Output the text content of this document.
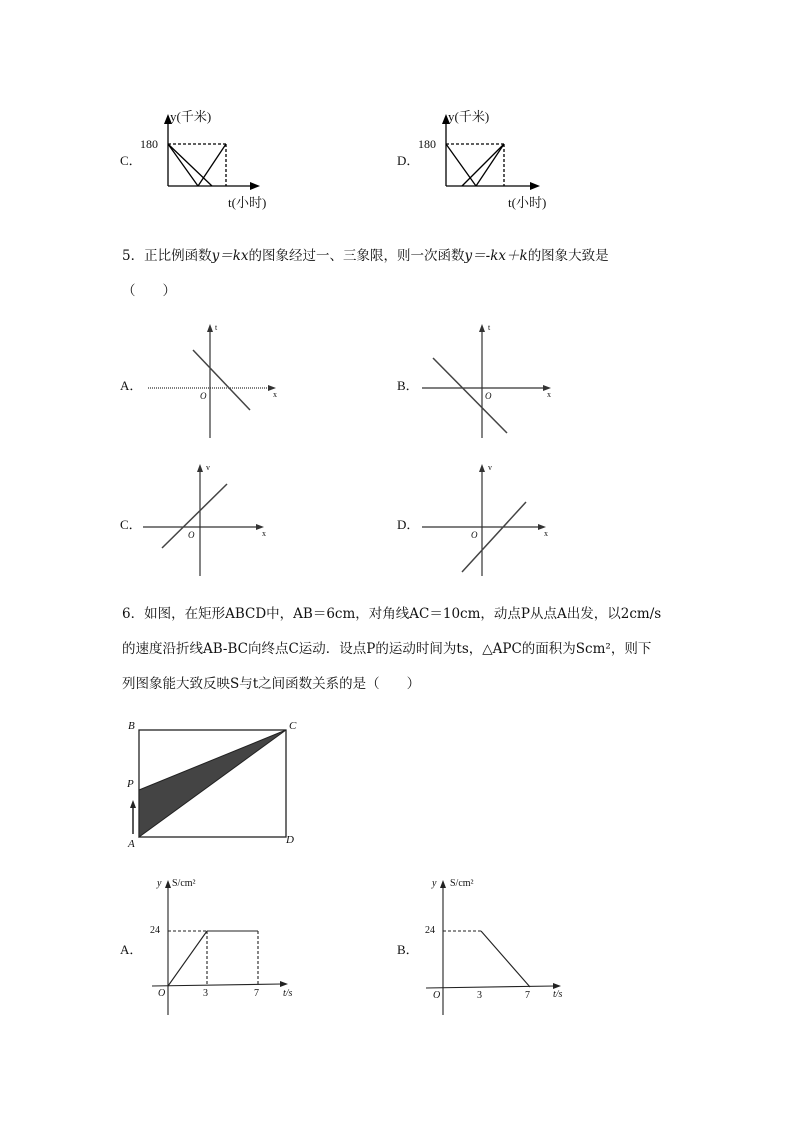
C．
y(千米)
180
t(小时)
D．
y(千米)
180
t(小时)
5．正比例函数y＝kx的图象经过一、三象限，则一次函数y＝-kx＋k的图象大致是
（　　）
A．
O	x
t
B．
O	x
t
C．
O	x
v
D．
O	x
v
6．如图，在矩形ABCD中，AB＝6cm，对角线AC＝10cm，动点P从点A出发，以2cm/s
的速度沿折线AB-BC向终点C运动．设点P的运动时间为ts，△APC的面积为Scm²，则下
列图象能大致反映S与t之间函数关系的是（　　）
B	C
P
A	D
A．
y S/cm²
24
O	3	7 t/s
B．
y S/cm²
24
O	3	7 t/s
